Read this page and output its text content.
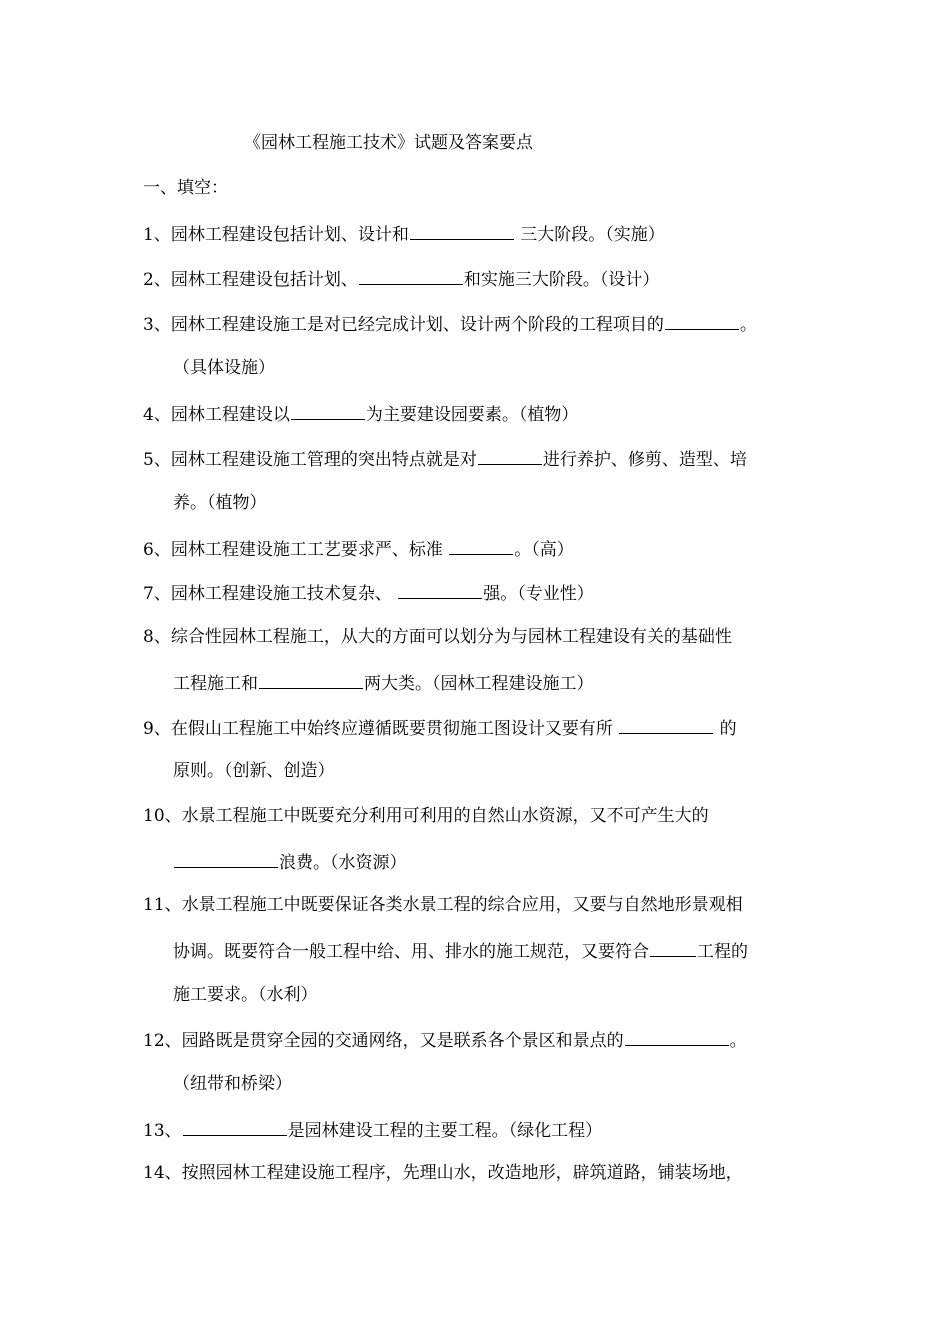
《园林工程施工技术》试题及答案要点
一、填空：
1、园林工程建设包括计划、设计和	三大阶段。（实施）
2、园林工程建设包括计划、	和实施三大阶段。（设计）
3、园林工程建设施工是对已经完成计划、设计两个阶段的工程项目的	。
（具体设施）
4、园林工程建设以	为主要建设园要素。（植物）
5、园林工程建设施工管理的突出特点就是对	进行养护、修剪、造型、培
养。（植物）
6、园林工程建设施工工艺要求严、标准	。（高）
7、园林工程建设施工技术复杂、	强。（专业性）
8、综合性园林工程施工，从大的方面可以划分为与园林工程建设有关的基础性
工程施工和	两大类。（园林工程建设施工）
9、在假山工程施工中始终应遵循既要贯彻施工图设计又要有所	的
原则。（创新、创造）
10、水景工程施工中既要充分利用可利用的自然山水资源，又不可产生大的
浪费。（水资源）
11、水景工程施工中既要保证各类水景工程的综合应用，又要与自然地形景观相
协调。既要符合一般工程中给、用、排水的施工规范，又要符合	工程的
施工要求。（水利）
12、园路既是贯穿全园的交通网络，又是联系各个景区和景点的	。
（纽带和桥梁）
13、	是园林建设工程的主要工程。（绿化工程）
14、按照园林工程建设施工程序，先理山水，改造地形，辟筑道路，铺装场地，
